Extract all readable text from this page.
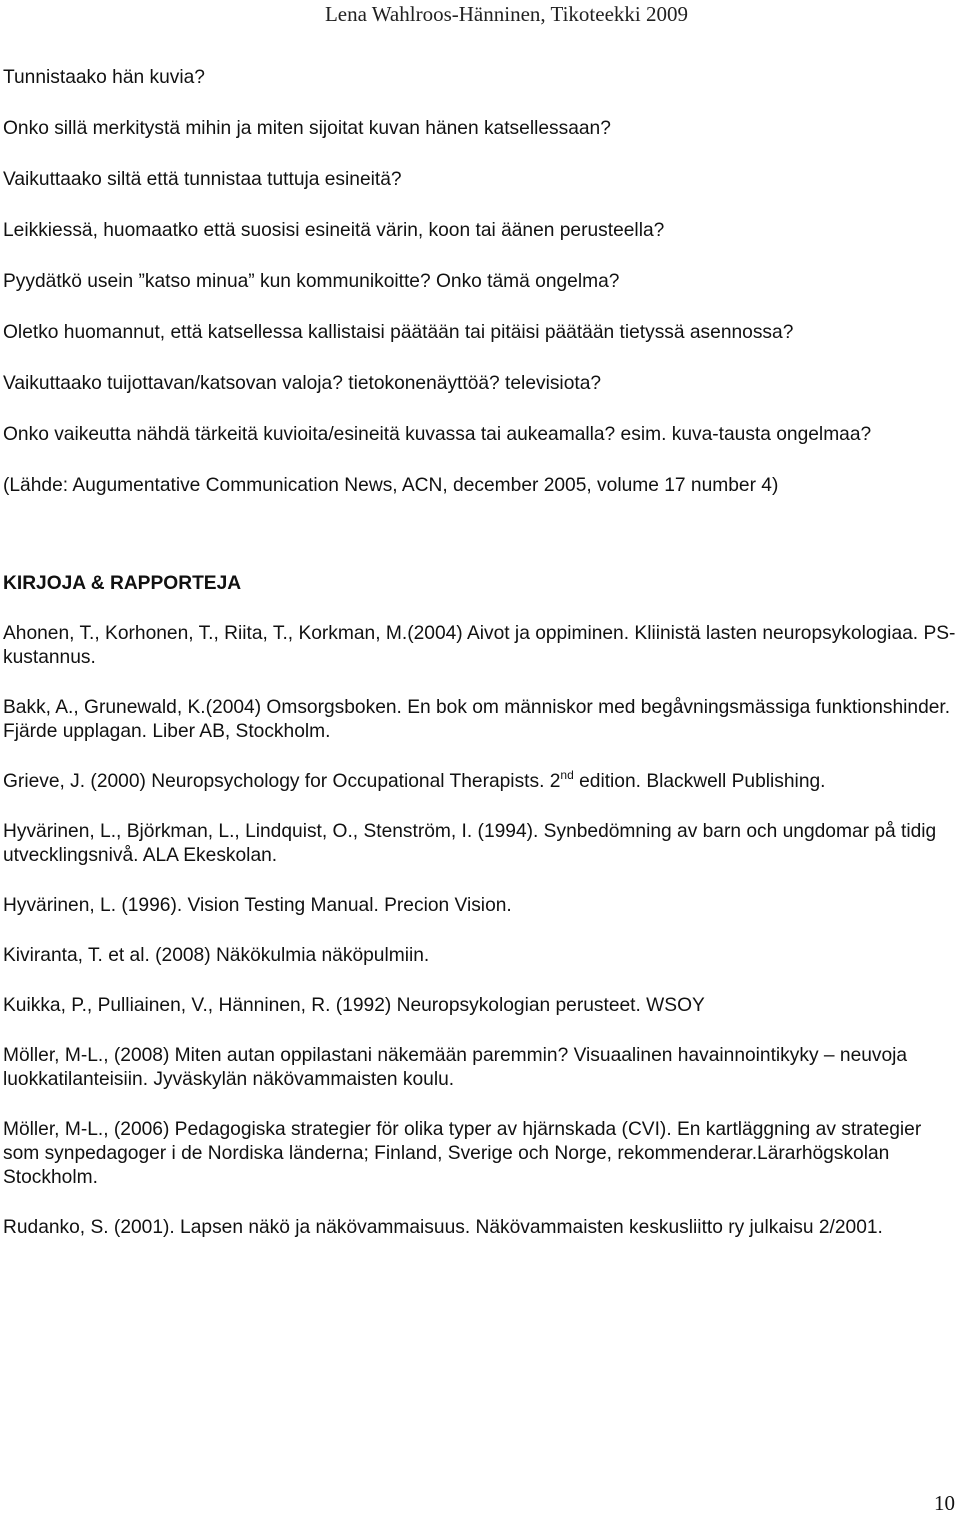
Lena Wahlroos-Hänninen, Tikoteekki 2009
Tunnistaako hän kuvia?
Onko sillä merkitystä mihin ja miten sijoitat kuvan hänen katsellessaan?
Vaikuttaako siltä että tunnistaa tuttuja esineitä?
Leikkiessä, huomaatko että suosisi esineitä värin, koon tai äänen perusteella?
Pyydätkö usein ”katso minua” kun kommunikoitte? Onko tämä ongelma?
Oletko huomannut, että katsellessa kallistaisi päätään tai pitäisi päätään tietyssä asennossa?
Vaikuttaako tuijottavan/katsovan valoja? tietokonenäyttöä? televisiota?
Onko vaikeutta nähdä tärkeitä kuvioita/esineitä kuvassa tai aukeamalla? esim. kuva-tausta ongelmaa?
(Lähde: Augumentative Communication News, ACN, december 2005, volume 17 number 4)
KIRJOJA & RAPPORTEJA
Ahonen, T., Korhonen, T., Riita, T., Korkman, M.(2004) Aivot ja oppiminen. Kliinistä lasten neuropsykologiaa. PS-kustannus.
Bakk, A., Grunewald, K.(2004) Omsorgsboken. En bok om människor med begåvningsmässiga funktionshinder. Fjärde upplagan. Liber AB, Stockholm.
Grieve, J. (2000) Neuropsychology for Occupational Therapists. 2nd edition. Blackwell Publishing.
Hyvärinen, L., Björkman, L., Lindquist, O., Stenström, I. (1994). Synbedömning av barn och ungdomar på tidig utvecklingsnivå. ALA Ekeskolan.
Hyvärinen, L. (1996). Vision Testing Manual. Precion Vision.
Kiviranta, T. et al. (2008) Näkökulmia näköpulmiin.
Kuikka, P., Pulliainen, V., Hänninen, R. (1992) Neuropsykologian perusteet. WSOY
Möller, M-L., (2008) Miten autan oppilastani näkemään paremmin? Visuaalinen havainnointikyky – neuvoja luokkatilanteisiin. Jyväskylän näkövammaisten koulu.
Möller, M-L., (2006) Pedagogiska strategier för olika typer av hjärnskada (CVI). En kartläggning av strategier som synpedagoger i de Nordiska länderna; Finland, Sverige och Norge, rekommenderar.Lärarhögskolan Stockholm.
Rudanko, S. (2001). Lapsen näkö ja näkövammaisuus. Näkövammaisten keskusliitto ry julkaisu 2/2001.
10
